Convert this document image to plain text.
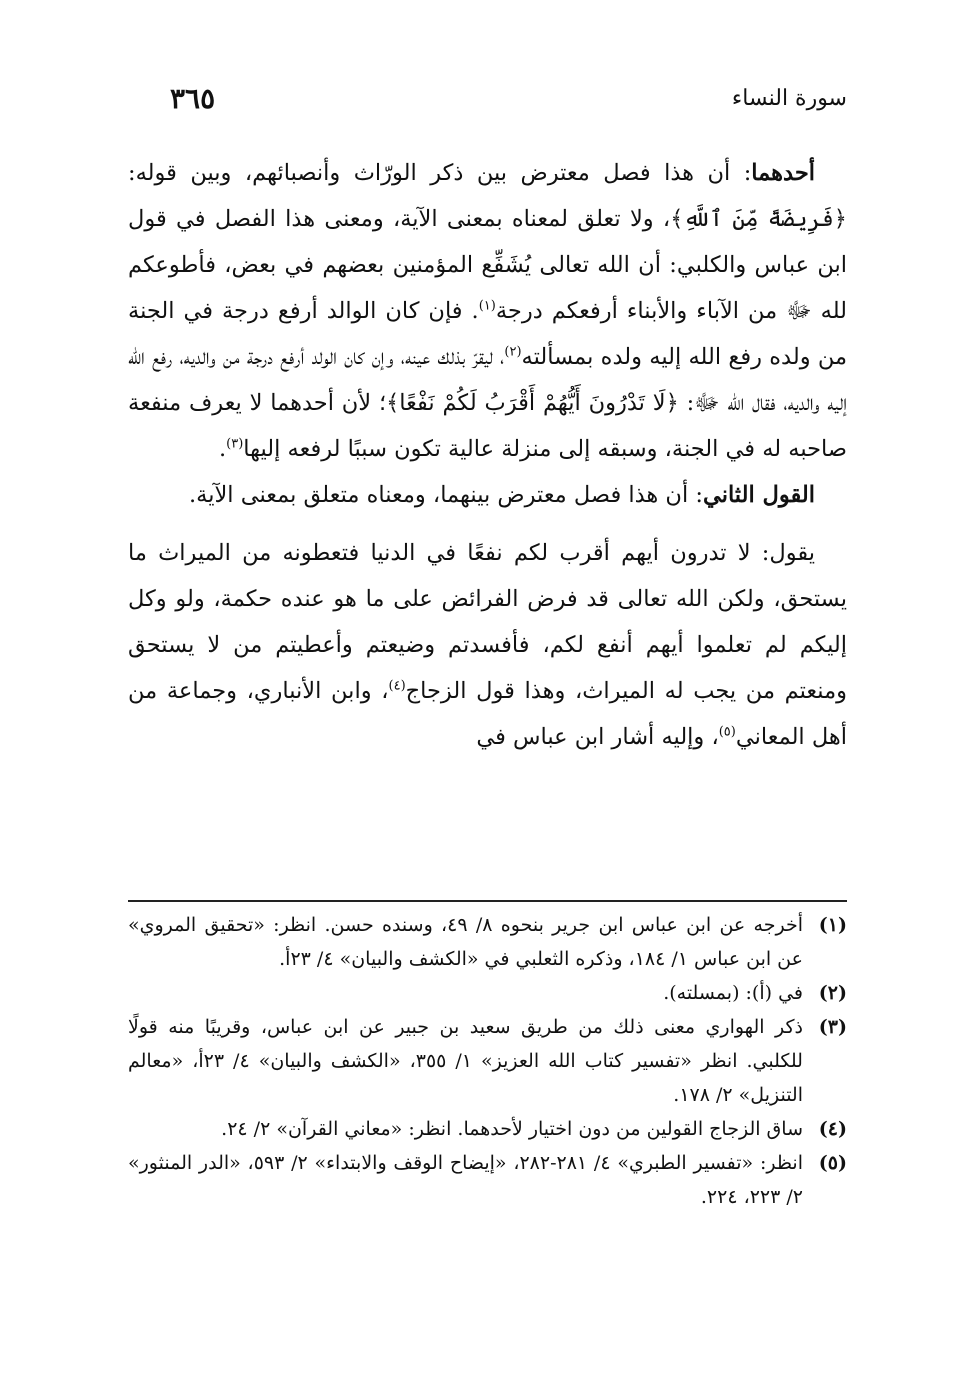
سورة النساء
٣٦٥

أحدهما: أن هذا فصل معترض بين ذكر الورّاث وأنصبائهم، وبين قوله: ﴿فَرِيضَةً مِّنَ ٱللَّهِ﴾، ولا تعلق لمعناه بمعنى الآية، ومعنى هذا الفصل في قول ابن عباس والكلبي: أن الله تعالى يُشَفِّع المؤمنين بعضهم في بعض، فأطوعكم لله ﷻ من الآباء والأبناء أرفعكم درجة$^{(١)}$. فإن كان الوالد أرفع درجة في الجنة من ولده رفع الله إليه ولده بمسألته$^{(٢)}$، ليقرّ بذلك عينه، وإن كان الولد أرفع درجة من والديه، رفع الله إليه والديه، فقال الله ﷻ: ﴿لَا تَدْرُونَ أَيُّهُمْ أَقْرَبُ لَكُمْ نَفْعًا﴾؛ لأن أحدهما لا يعرف منفعة صاحبه له في الجنة، وسبقه إلى منزلة عالية تكون سببًا لرفعه إليها$^{(٣)}$.

القول الثاني: أن هذا فصل معترض بينهما، ومعناه متعلق بمعنى الآية.

يقول: لا تدرون أيهم أقرب لكم نفعًا في الدنيا فتعطونه من الميراث ما يستحق، ولكن الله تعالى قد فرض الفرائض على ما هو عنده حكمة، ولو وكل إليكم لم تعلموا أيهم أنفع لكم، فأفسدتم وضيعتم وأعطيتم من لا يستحق ومنعتم من يجب له الميراث، وهذا قول الزجاج$^{(٤)}$، وابن الأنباري، وجماعة من أهل المعاني$^{(٥)}$، وإليه أشار ابن عباس في

(١)
أخرجه عن ابن عباس ابن جرير بنحوه ٨/ ٤٩، وسنده حسن. انظر: «تحقيق المروي» عن ابن عباس ١/ ١٨٤، وذكره الثعلبي في «الكشف والبيان» ٤/ ٢٣أ.
(٢)
في (أ): (بمسلته).
(٣)
ذكر الهواري معنى ذلك من طريق سعيد بن جبير عن ابن عباس، وقريبًا منه قولًا للكلبي. انظر «تفسير كتاب الله العزيز» ١/ ٣٥٥، «الكشف والبيان» ٤/ ٢٣أ، «معالم التنزيل» ٢/ ١٧٨.
(٤)
ساق الزجاج القولين من دون اختيار لأحدهما. انظر: «معاني القرآن» ٢/ ٢٤.
(٥)
انظر: «تفسير الطبري» ٤/ ٢٨١-٢٨٢، «إيضاح الوقف والابتداء» ٢/ ٥٩٣، «الدر المنثور» ٢/ ٢٢٣، ٢٢٤.
